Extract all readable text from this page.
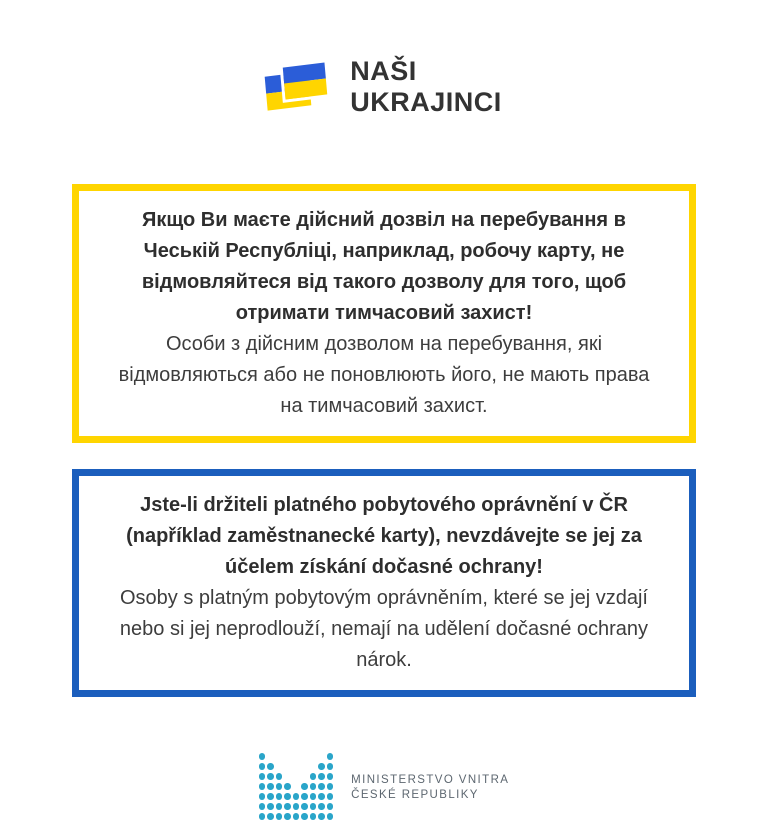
NAŠI
UKRAJINCI
Якщо Ви маєте дійсний дозвіл на перебування в Чеській Республіці, наприклад, робочу карту, не відмовляйтеся від такого дозволу для того, щоб отримати тимчасовий захист!
Особи з дійсним дозволом на перебування, які відмовляються або не поновлюють його, не мають права на тимчасовий захист.
Jste-li držiteli platného pobytového oprávnění v ČR (například zaměstnanecké karty), nevzdávejte se jej za účelem získání dočasné ochrany!
Osoby s platným pobytovým oprávněním, které se jej vzdají nebo si jej neprodlouží, nemají na udělení dočasné ochrany nárok.
MINISTERSTVO VNITRA
ČESKÉ REPUBLIKY
